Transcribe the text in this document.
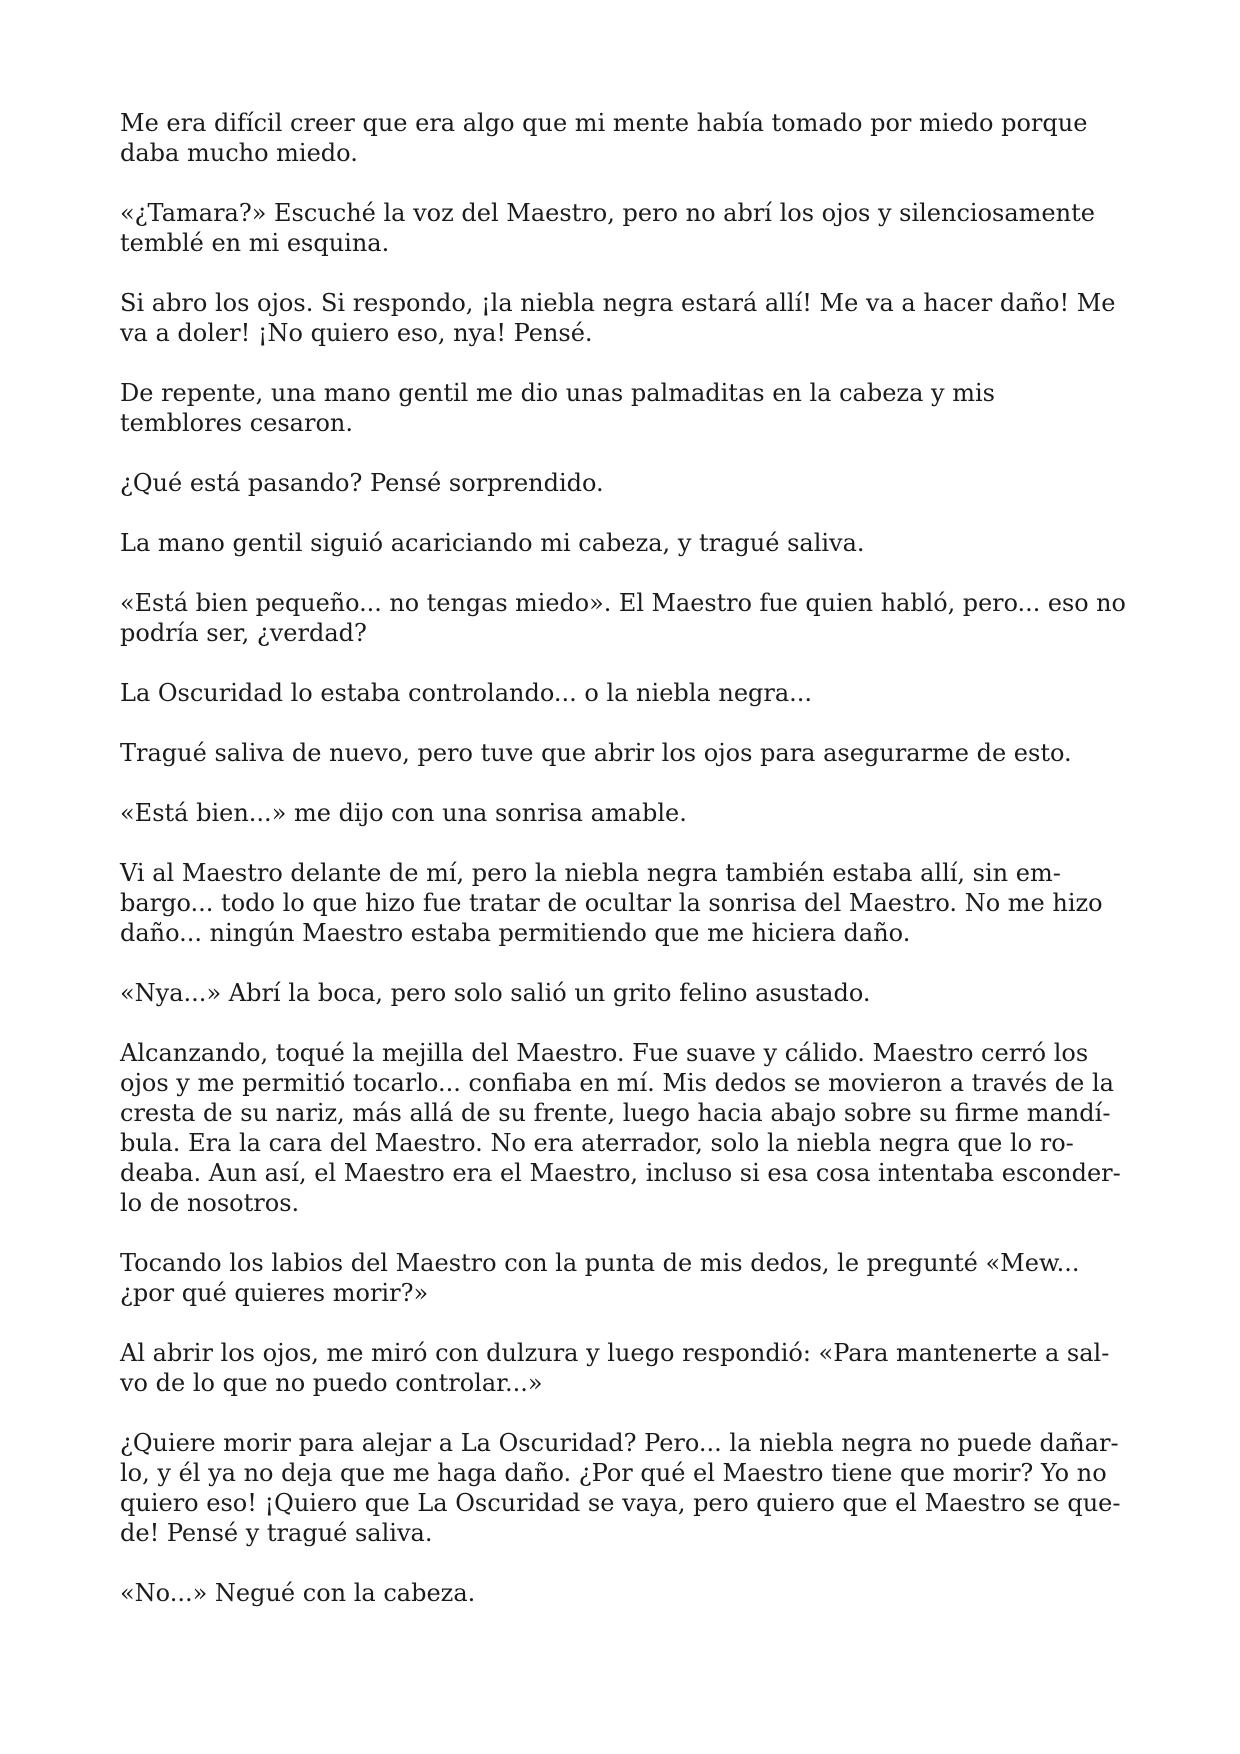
Me era difícil creer que era algo que mi mente había tomado por miedo porque
daba mucho miedo.

«¿Tamara?» Escuché la voz del Maestro, pero no abrí los ojos y silenciosamente
temblé en mi esquina.

Si abro los ojos. Si respondo, ¡la niebla negra estará allí! Me va a hacer daño! Me
va a doler! ¡No quiero eso, nya! Pensé.

De repente, una mano gentil me dio unas palmaditas en la cabeza y mis
temblores cesaron.

¿Qué está pasando? Pensé sorprendido.

La mano gentil siguió acariciando mi cabeza, y tragué saliva.

«Está bien pequeño... no tengas miedo». El Maestro fue quien habló, pero... eso no
podría ser, ¿verdad?

La Oscuridad lo estaba controlando... o la niebla negra...

Tragué saliva de nuevo, pero tuve que abrir los ojos para asegurarme de esto.

«Está bien...» me dijo con una sonrisa amable.

Vi al Maestro delante de mí, pero la niebla negra también estaba allí, sin em-
bargo... todo lo que hizo fue tratar de ocultar la sonrisa del Maestro. No me hizo
daño... ningún Maestro estaba permitiendo que me hiciera daño.

«Nya...» Abrí la boca, pero solo salió un grito felino asustado.

Alcanzando, toqué la mejilla del Maestro. Fue suave y cálido. Maestro cerró los
ojos y me permitió tocarlo... confiaba en mí. Mis dedos se movieron a través de la
cresta de su nariz, más allá de su frente, luego hacia abajo sobre su firme mandí-
bula. Era la cara del Maestro. No era aterrador, solo la niebla negra que lo ro-
deaba. Aun así, el Maestro era el Maestro, incluso si esa cosa intentaba esconder-
lo de nosotros.

Tocando los labios del Maestro con la punta de mis dedos, le pregunté «Mew...
¿por qué quieres morir?»

Al abrir los ojos, me miró con dulzura y luego respondió: «Para mantenerte a sal-
vo de lo que no puedo controlar...»

¿Quiere morir para alejar a La Oscuridad? Pero... la niebla negra no puede dañar-
lo, y él ya no deja que me haga daño. ¿Por qué el Maestro tiene que morir? Yo no
quiero eso! ¡Quiero que La Oscuridad se vaya, pero quiero que el Maestro se que-
de! Pensé y tragué saliva.

«No...» Negué con la cabeza.
